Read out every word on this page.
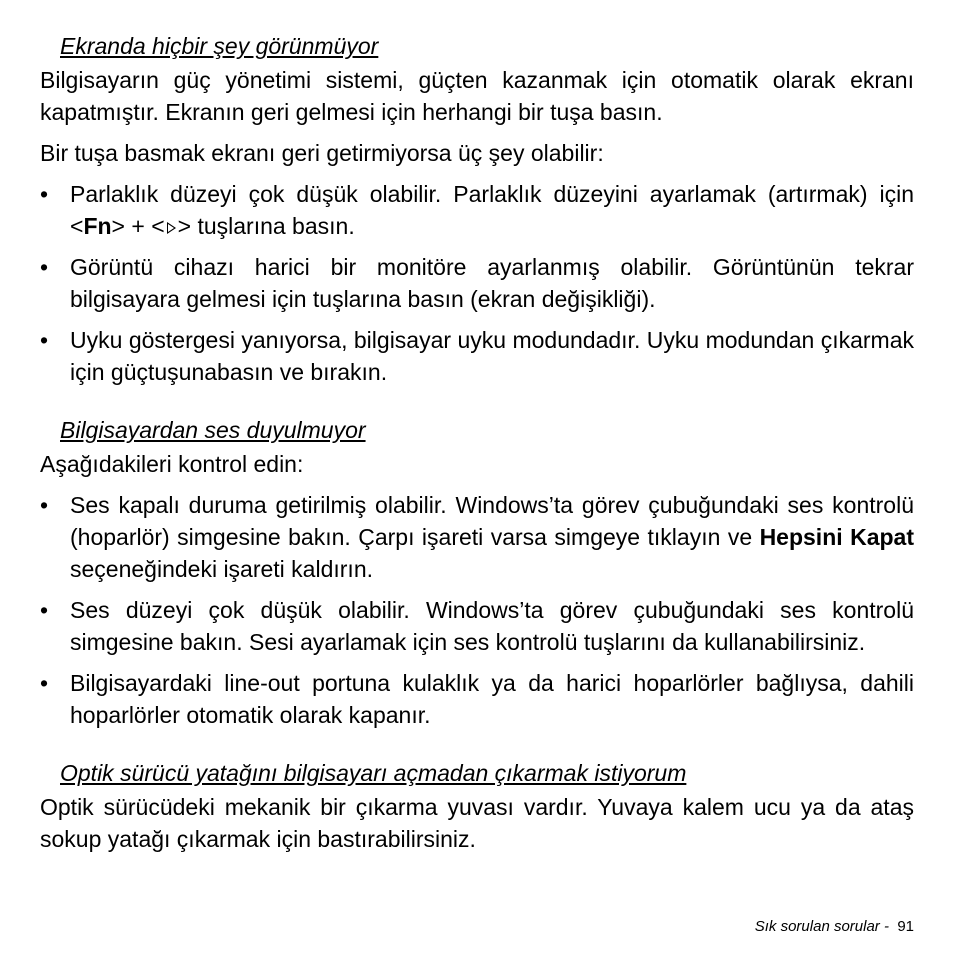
Ekranda hiçbir şey görünmüyor

Bilgisayarın güç yönetimi sistemi, güçten kazanmak için otomatik olarak ekranı kapatmıştır. Ekranın geri gelmesi için herhangi bir tuşa basın.

Bir tuşa basmak ekranı geri getirmiyorsa üç şey olabilir:

• Parlaklık düzeyi çok düşük olabilir. Parlaklık düzeyini ayarlamak (artırmak) için <Fn> + < > tuşlarına basın.
• Görüntü cihazı harici bir monitöre ayarlanmış olabilir. Görüntünün tekrar bilgisayara gelmesi için tuşlarına basın (ekran değişikliği).
• Uyku göstergesi yanıyorsa, bilgisayar uyku modundadır. Uyku modundan çıkarmak için güçtuşunabasın ve bırakın.
Bilgisayardan ses duyulmuyor

Aşağıdakileri kontrol edin:

• Ses kapalı duruma getirilmiş olabilir. Windows’ta görev çubuğundaki ses kontrolü (hoparlör) simgesine bakın. Çarpı işareti varsa simgeye tıklayın ve Hepsini Kapat seçeneğindeki işareti kaldırın.
• Ses düzeyi çok düşük olabilir. Windows’ta görev çubuğundaki ses kontrolü simgesine bakın. Sesi ayarlamak için ses kontrolü tuşlarını da kullanabilirsiniz.
• Bilgisayardaki line-out portuna kulaklık ya da harici hoparlörler bağlıysa, dahili hoparlörler otomatik olarak kapanır.
Optik sürücü yatağını bilgisayarı açmadan çıkarmak istiyorum

Optik sürücüdeki mekanik bir çıkarma yuvası vardır. Yuvaya kalem ucu ya da ataş sokup yatağı çıkarmak için bastırabilirsiniz.

Sık sorulan sorular - 91
